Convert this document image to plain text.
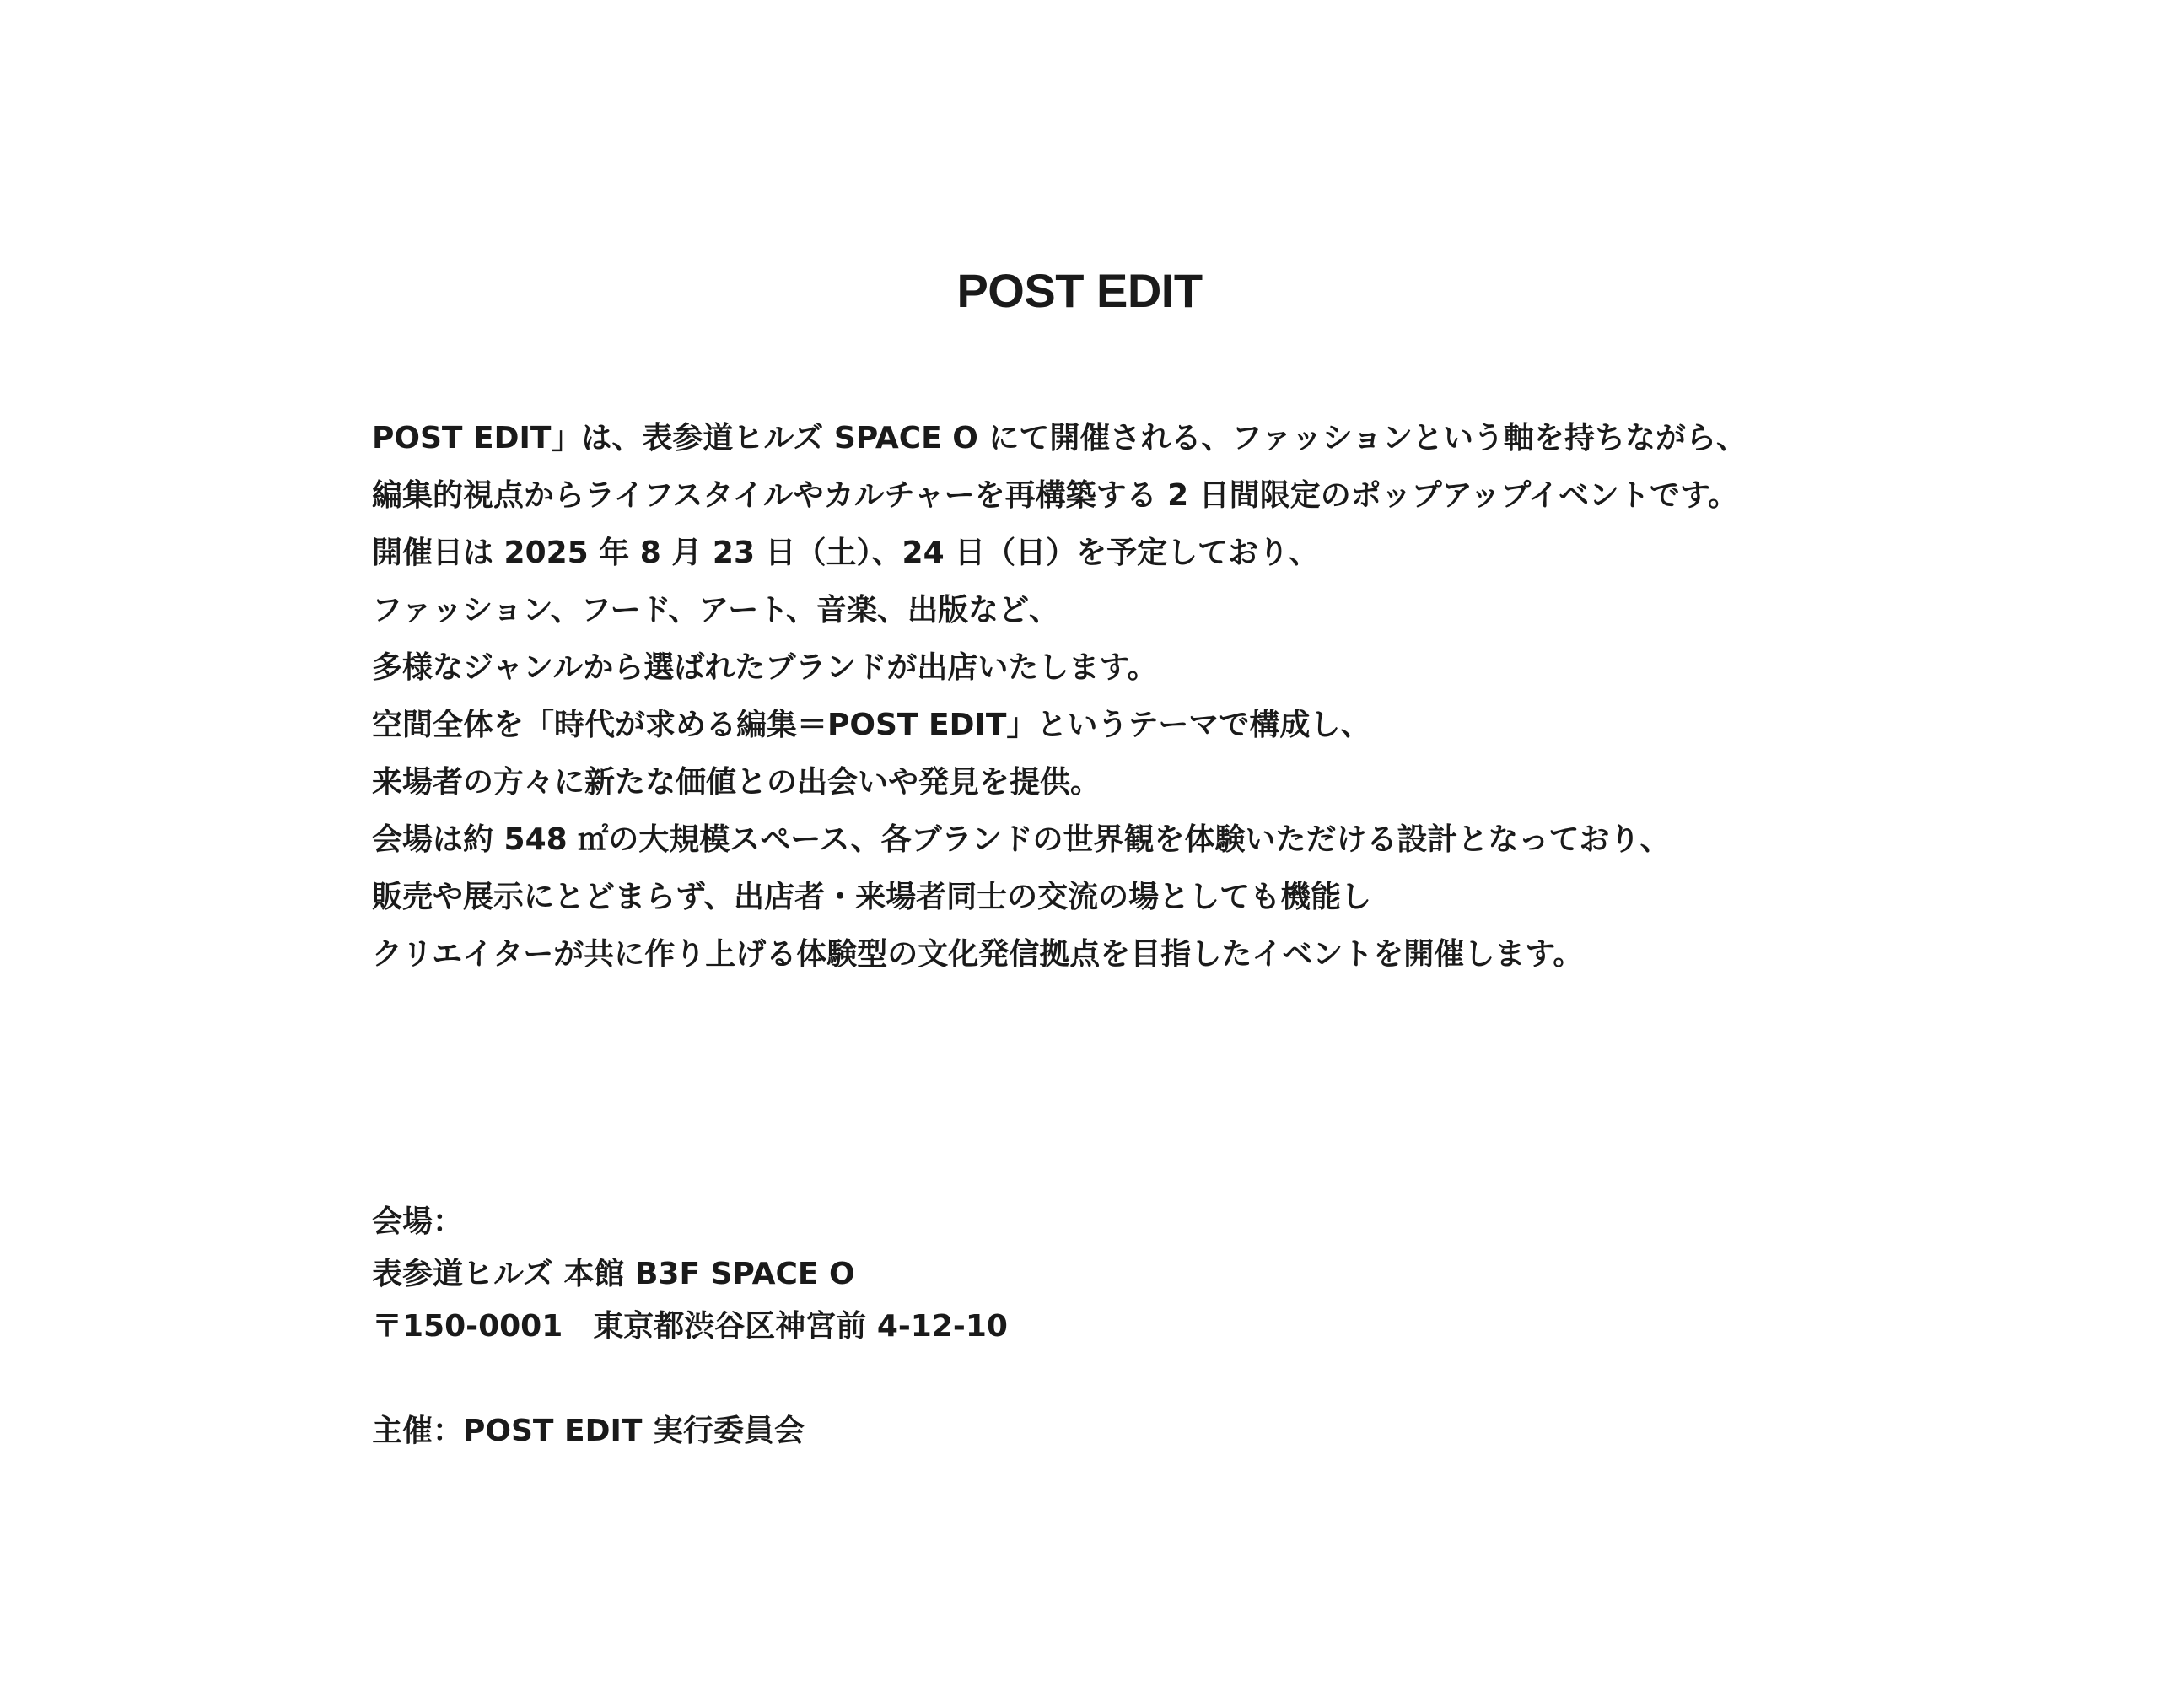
POST EDIT
POST EDIT」は、表参道ヒルズ SPACE O にて開催される、ファッションという軸を持ちながら、
編集的視点からライフスタイルやカルチャーを再構築する 2 日間限定のポップアップイベントです。
開催日は 2025 年 8 月 23 日（土）、24 日（日）を予定しており、
ファッション、フード、アート、音楽、出版など、
多様なジャンルから選ばれたブランドが出店いたします。
空間全体を「時代が求める編集＝POST EDIT」というテーマで構成し、
来場者の方々に新たな価値との出会いや発見を提供。
会場は約 548 ㎡の大規模スペース、各ブランドの世界観を体験いただける設計となっており、
販売や展示にとどまらず、出店者・来場者同士の交流の場としても機能し
クリエイターが共に作り上げる体験型の文化発信拠点を目指したイベントを開催します。
会場：
表参道ヒルズ 本館 B3F SPACE O
〒150-0001　東京都渋谷区神宮前 4-12-10
主催：POST EDIT 実行委員会
